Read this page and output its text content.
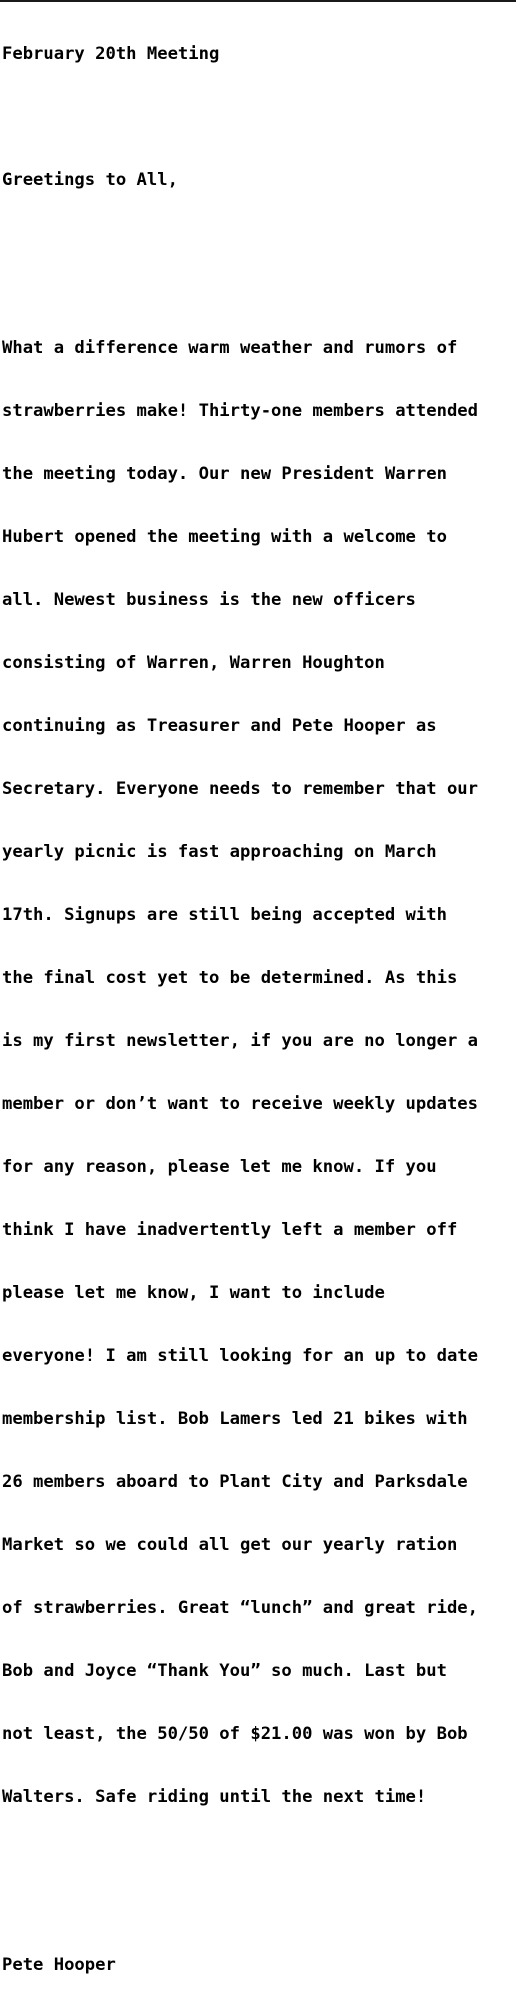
February 20th Meeting

Greetings to All,

What a difference warm weather and rumors of

strawberries make! Thirty-one members attended

the meeting today. Our new President Warren

Hubert opened the meeting with a welcome to

all. Newest business is the new officers

consisting of Warren, Warren Houghton

continuing as Treasurer and Pete Hooper as

Secretary. Everyone needs to remember that our

yearly picnic is fast approaching on March

17th. Signups are still being accepted with

the final cost yet to be determined. As this

is my first newsletter, if you are no longer a

member or don’t want to receive weekly updates

for any reason, please let me know. If you

think I have inadvertently left a member off

please let me know, I want to include

everyone! I am still looking for an up to date

membership list. Bob Lamers led 21 bikes with

26 members aboard to Plant City and Parksdale

Market so we could all get our yearly ration

of strawberries. Great “lunch” and great ride,

Bob and Joyce “Thank You” so much. Last but

not least, the 50/50 of $21.00 was won by Bob

Walters. Safe riding until the next time!

Pete Hooper
